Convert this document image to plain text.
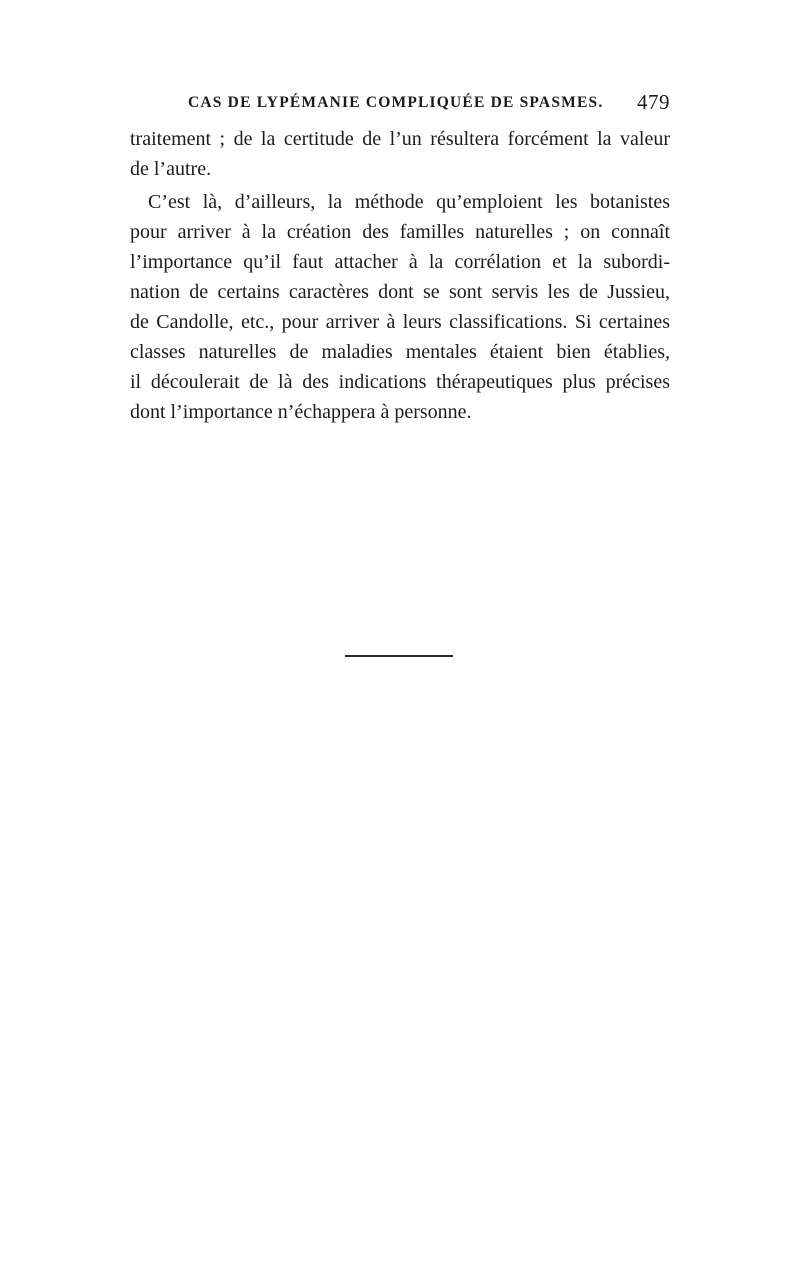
CAS DE LYPÉMANIE COMPLIQUÉE DE SPASMES. 479
traitement ; de la certitude de l’un résultera forcément la valeur
de l’autre.
C’est là, d’ailleurs, la méthode qu’emploient les botanistes
pour arriver à la création des familles naturelles ; on connaît
l’importance qu’il faut attacher à la corrélation et la subordi-
nation de certains caractères dont se sont servis les de Jussieu,
de Candolle, etc., pour arriver à leurs classifications. Si certaines
classes naturelles de maladies mentales étaient bien établies,
il découlerait de là des indications thérapeutiques plus précises
dont l’importance n’échappera à personne.
